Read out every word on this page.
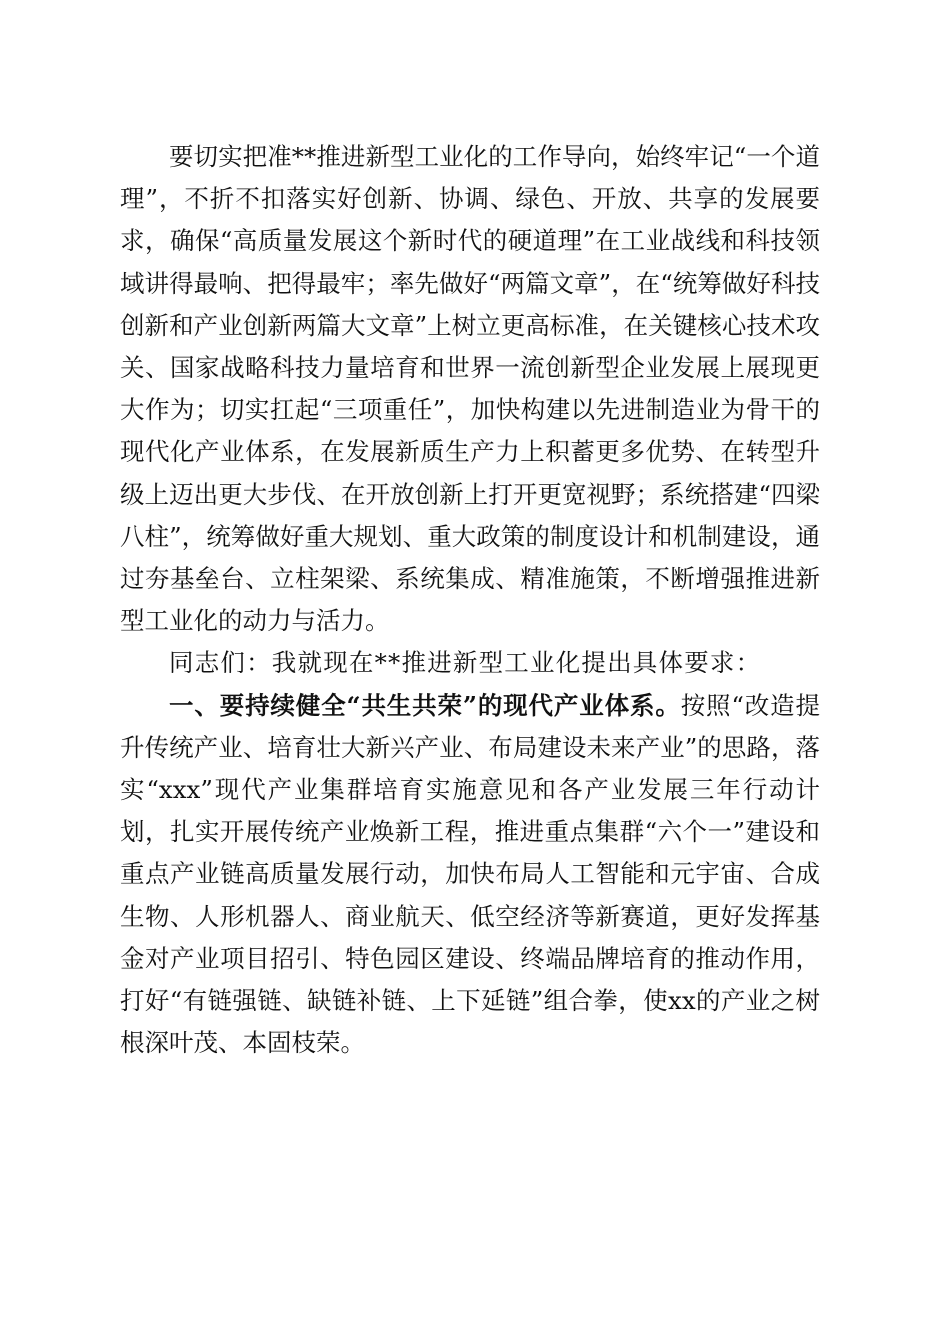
要切实把准**推进新型工业化的工作导向，始终牢记“一个道理”，不折不扣落实好创新、协调、绿色、开放、共享的发展要求，确保“高质量发展这个新时代的硬道理”在工业战线和科技领域讲得最响、把得最牢；率先做好“两篇文章”，在“统筹做好科技创新和产业创新两篇大文章”上树立更高标准，在关键核心技术攻关、国家战略科技力量培育和世界一流创新型企业发展上展现更大作为；切实扛起“三项重任”，加快构建以先进制造业为骨干的现代化产业体系，在发展新质生产力上积蓄更多优势、在转型升级上迈出更大步伐、在开放创新上打开更宽视野；系统搭建“四梁八柱”，统筹做好重大规划、重大政策的制度设计和机制建设，通过夯基垒台、立柱架梁、系统集成、精准施策，不断增强推进新型工业化的动力与活力。

同志们：我就现在**推进新型工业化提出具体要求：

一、要持续健全“共生共荣”的现代产业体系。按照“改造提升传统产业、培育壮大新兴产业、布局建设未来产业”的思路，落实“xxx”现代产业集群培育实施意见和各产业发展三年行动计划，扎实开展传统产业焕新工程，推进重点集群“六个一”建设和重点产业链高质量发展行动，加快布局人工智能和元宇宙、合成生物、人形机器人、商业航天、低空经济等新赛道，更好发挥基金对产业项目招引、特色园区建设、终端品牌培育的推动作用，打好“有链强链、缺链补链、上下延链”组合拳，使xx的产业之树根深叶茂、本固枝荣。
